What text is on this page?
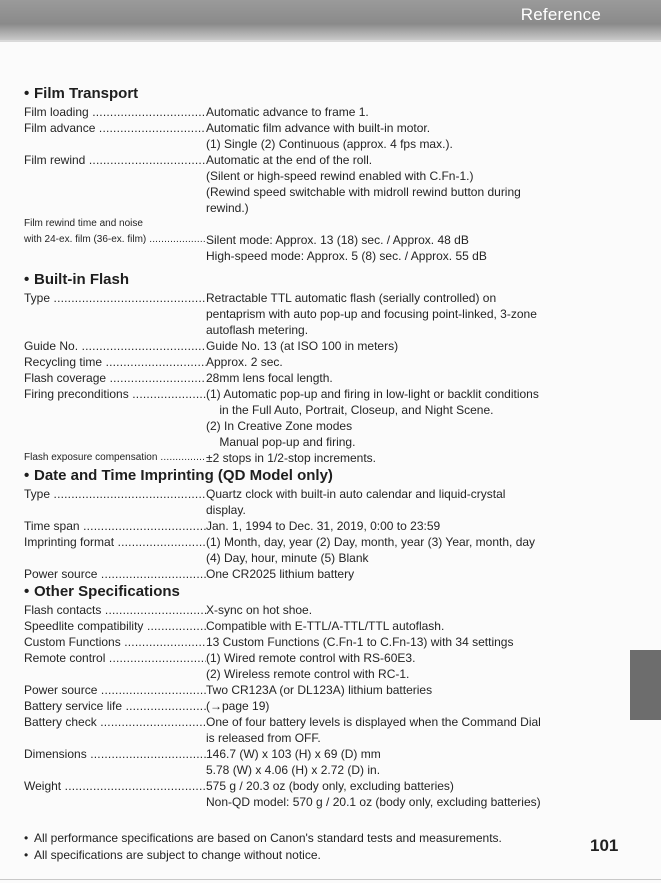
Reference
• Film Transport
Film loading .....	Automatic advance to frame 1.
Film advance .....	Automatic film advance with built-in motor.
(1) Single (2) Continuous (approx. 4 fps max.).
Film rewind .....	Automatic at the end of the roll.
(Silent or high-speed rewind enabled with C.Fn-1.)
(Rewind speed switchable with midroll rewind button during
rewind.)
Film rewind time and noise

with 24-ex. film (36-ex. film) .....	Silent mode: Approx. 13 (18) sec. / Approx. 48 dB
High-speed mode: Approx. 5 (8) sec. / Approx. 55 dB
• Built-in Flash
Type .....	Retractable TTL automatic flash (serially controlled) on
pentaprism with auto pop-up and focusing point-linked, 3-zone
autoflash metering.
Guide No. .....	Guide No. 13 (at ISO 100 in meters)
Recycling time .....	Approx. 2 sec.
Flash coverage .....	28mm lens focal length.
Firing preconditions .....	(1) Automatic pop-up and firing in low-light or backlit conditions
in the Full Auto, Portrait, Closeup, and Night Scene.
(2) In Creative Zone modes
Manual pop-up and firing.
Flash exposure compensation .....	±2 stops in 1/2-stop increments.
• Date and Time Imprinting (QD Model only)
Type .....	Quartz clock with built-in auto calendar and liquid-crystal
display.
Time span .....	Jan. 1, 1994 to Dec. 31, 2019, 0:00 to 23:59
Imprinting format .....	(1) Month, day, year (2) Day, month, year (3) Year, month, day
(4) Day, hour, minute (5) Blank
Power source .....	One CR2025 lithium battery
• Other Specifications
Flash contacts .....	X-sync on hot shoe.
Speedlite compatibility .....	Compatible with E-TTL/A-TTL/TTL autoflash.
Custom Functions .....	13 Custom Functions (C.Fn-1 to C.Fn-13) with 34 settings
Remote control .....	(1) Wired remote control with RS-60E3.
(2) Wireless remote control with RC-1.
Power source .....	Two CR123A (or DL123A) lithium batteries
Battery service life .....	(→page 19)
Battery check .....	One of four battery levels is displayed when the Command Dial
is released from OFF.
Dimensions .....	146.7 (W) x 103 (H) x 69 (D) mm
5.78 (W) x 4.06 (H) x 2.72 (D) in.
Weight .....	575 g / 20.3 oz (body only, excluding batteries)
Non-QD model: 570 g / 20.1 oz (body only, excluding batteries)
• All performance specifications are based on Canon's standard tests and measurements.
• All specifications are subject to change without notice.	101
